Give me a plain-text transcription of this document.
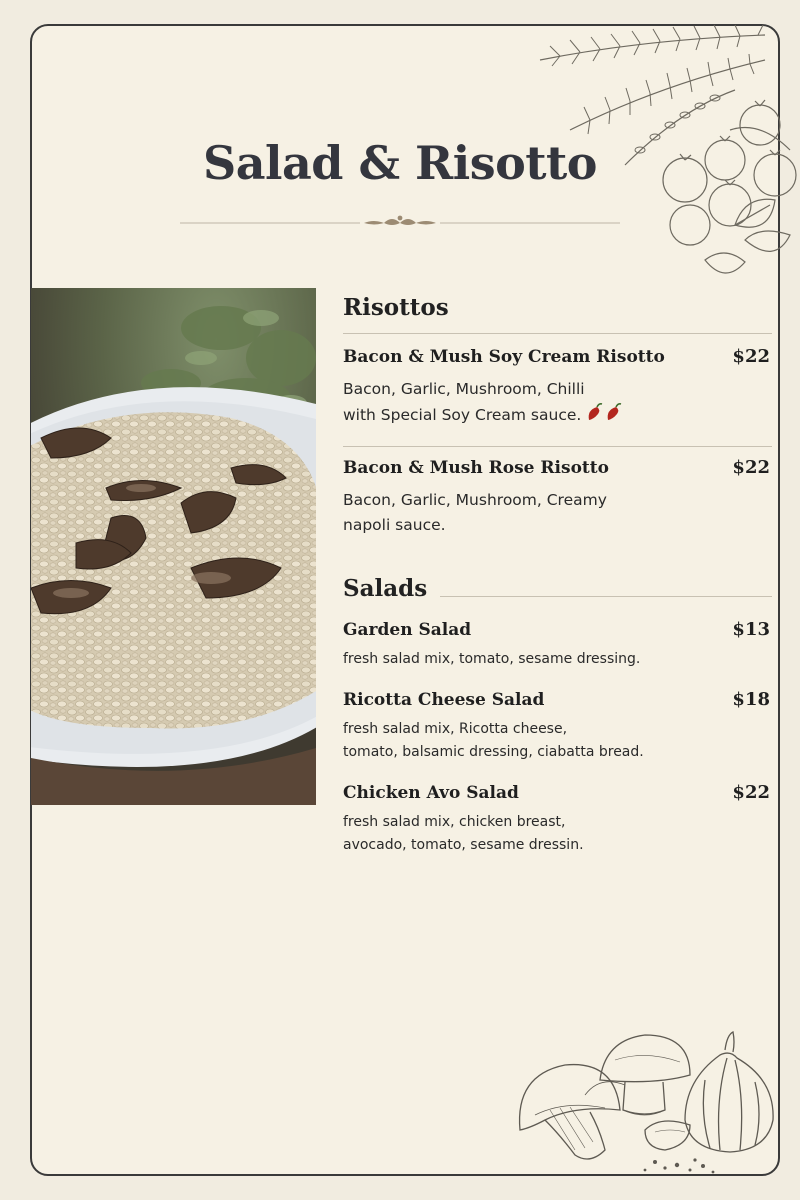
Salad & Risotto
Risottos
Bacon & Mush Soy Cream Risotto	$22
Bacon, Garlic, Mushroom, Chilli
with Special Soy Cream sauce.
Bacon & Mush Rose Risotto	$22
Bacon, Garlic, Mushroom, Creamy
napoli sauce.
Salads
Garden Salad	$13
fresh salad mix, tomato, sesame dressing.
Ricotta Cheese Salad	$18
fresh salad mix, Ricotta cheese,
tomato, balsamic dressing, ciabatta bread.
Chicken Avo Salad	$22
fresh salad mix, chicken breast,
avocado, tomato, sesame dressin.
